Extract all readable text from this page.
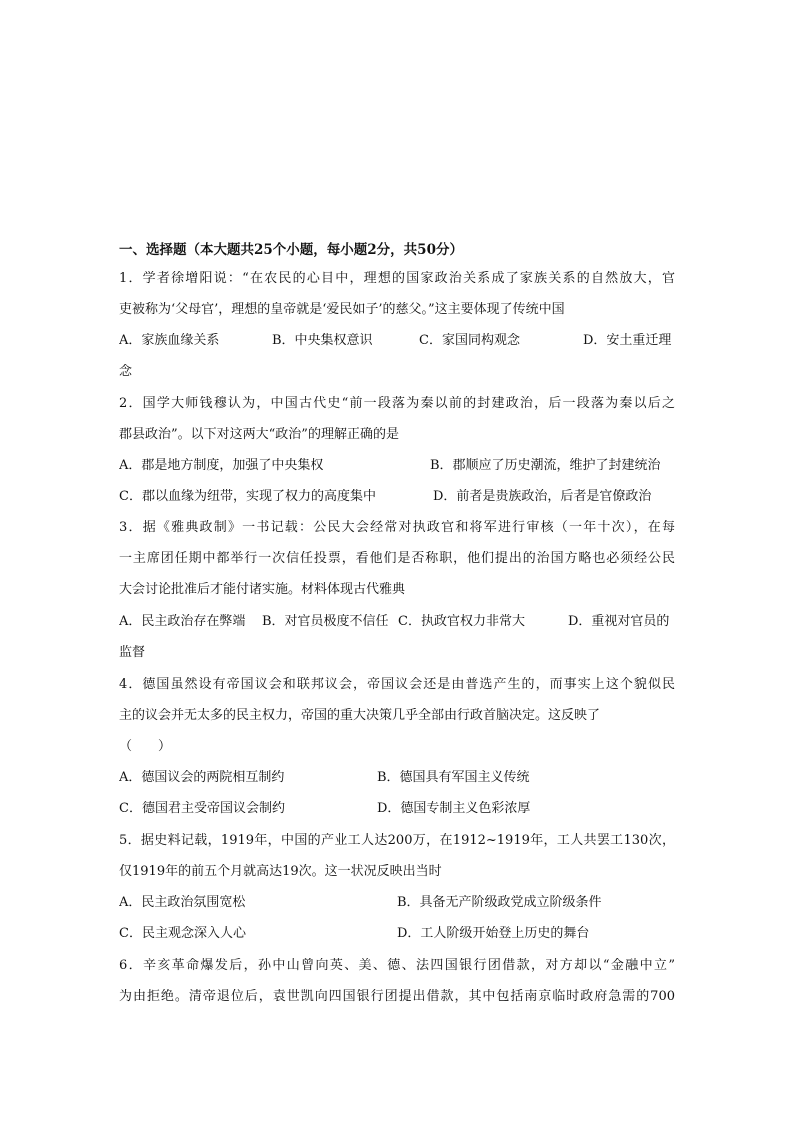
一、选择题（本大题共25个小题，每小题2分，共50分）
1．学者徐增阳说：“在农民的心目中，理想的国家政治关系成了家族关系的自然放大，官
吏被称为‘父母官’，理想的皇帝就是‘爱民如子’的慈父。”这主要体现了传统中国
A．家族血缘关系	B．中央集权意识	C．家国同构观念	D．安土重迁理
念
2．国学大师钱穆认为，中国古代史“前一段落为秦以前的封建政治，后一段落为秦以后之
郡县政治”。以下对这两大“政治”的理解正确的是
A．郡是地方制度，加强了中央集权	B．郡顺应了历史潮流，维护了封建统治
C．郡以血缘为纽带，实现了权力的高度集中	D．前者是贵族政治，后者是官僚政治
3．据《雅典政制》一书记载：公民大会经常对执政官和将军进行审核（一年十次），在每
一主席团任期中都举行一次信任投票，看他们是否称职，他们提出的治国方略也必须经公民
大会讨论批准后才能付诸实施。材料体现古代雅典
A．民主政治存在弊端 B．对官员极度不信任 C．执政官权力非常大	D．重视对官员的
监督
4．德国虽然设有帝国议会和联邦议会，帝国议会还是由普选产生的，而事实上这个貌似民
主的议会并无太多的民主权力，帝国的重大决策几乎全部由行政首脑决定。这反映了
（　　）
A．德国议会的两院相互制约	B．德国具有军国主义传统
C．德国君主受帝国议会制约	D．德国专制主义色彩浓厚
5．据史料记载，1919年，中国的产业工人达200万，在1912~1919年，工人共罢工130次，
仅1919年的前五个月就高达19次。这一状况反映出当时
A．民主政治氛围宽松	B．具备无产阶级政党成立阶级条件
C．民主观念深入人心	D．工人阶级开始登上历史的舞台
6．辛亥革命爆发后，孙中山曾向英、美、德、法四国银行团借款，对方却以“金融中立”
为由拒绝。清帝退位后，袁世凯向四国银行团提出借款，其中包括南京临时政府急需的700
